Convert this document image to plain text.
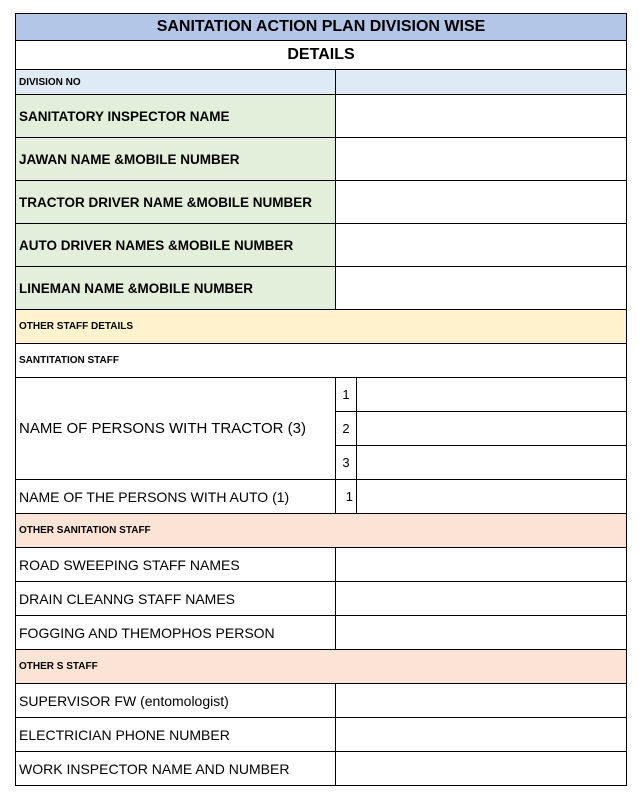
SANITATION ACTION PLAN DIVISION WISE		
DETAILS		
DIVISION NO		
SANITATORY INSPECTOR NAME		
JAWAN NAME &MOBILE NUMBER		
TRACTOR DRIVER NAME &MOBILE NUMBER		
AUTO DRIVER NAMES &MOBILE NUMBER		
LINEMAN NAME &MOBILE NUMBER		
OTHER STAFF DETAILS		
SANTITATION STAFF		
NAME OF PERSONS WITH TRACTOR (3)	1	
	2	
	3	
NAME OF THE PERSONS WITH AUTO (1)	1	
OTHER SANITATION STAFF		
ROAD SWEEPING STAFF NAMES		
DRAIN CLEANNG STAFF NAMES		
FOGGING AND THEMOPHOS PERSON		
OTHER S STAFF		
SUPERVISOR FW (entomologist)		
ELECTRICIAN PHONE NUMBER		
WORK INSPECTOR NAME AND NUMBER		
